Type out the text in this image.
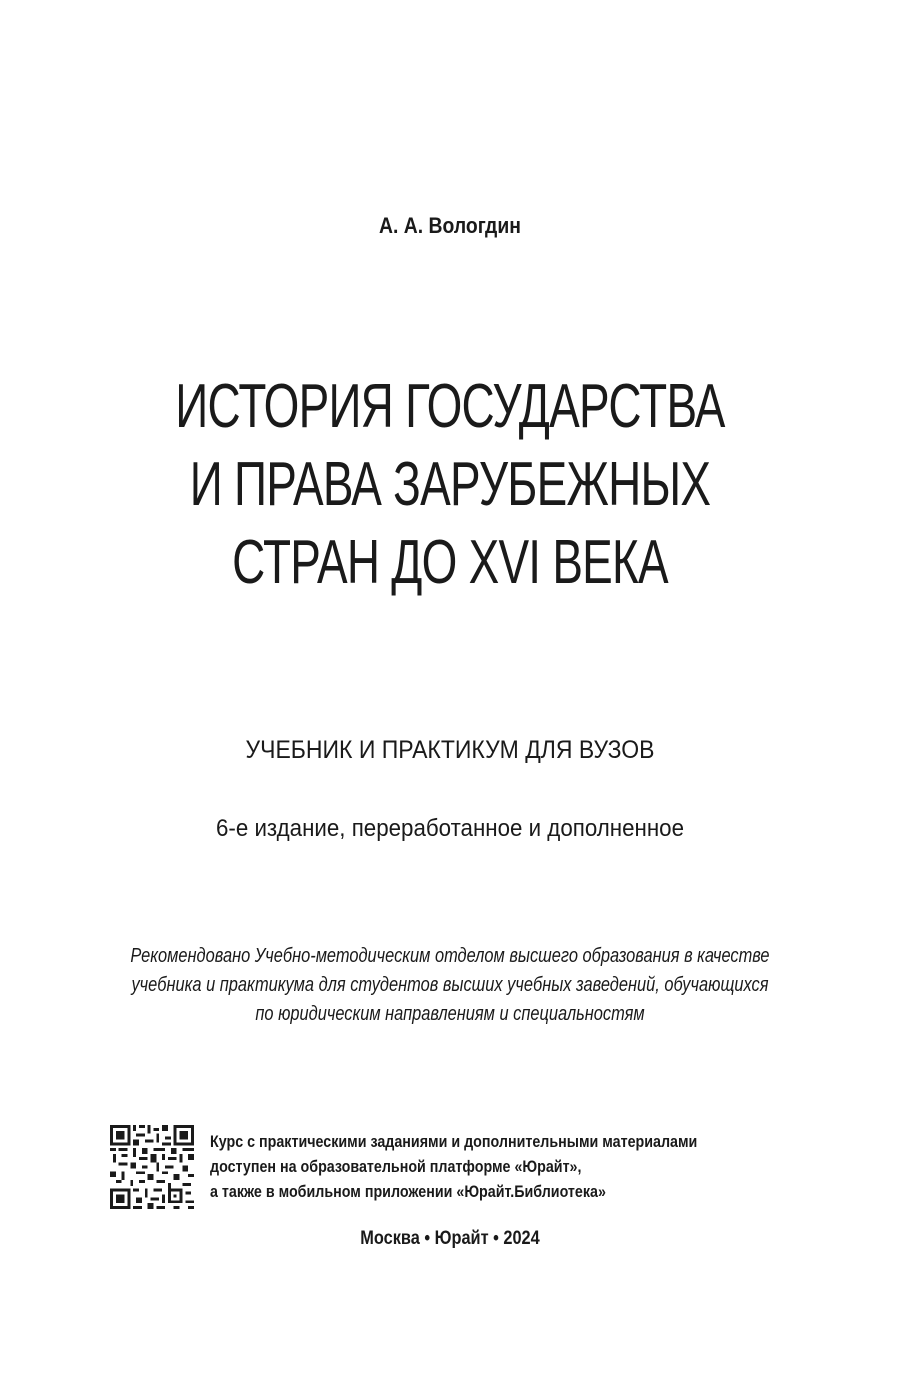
А. А. Вологдин
ИСТОРИЯ ГОСУДАРСТВА
И ПРАВА ЗАРУБЕЖНЫХ
СТРАН ДО XVI ВЕКА
УЧЕБНИК И ПРАКТИКУМ ДЛЯ ВУЗОВ
6-е издание, переработанное и дополненное
Рекомендовано Учебно-методическим отделом высшего образования в качестве
учебника и практикума для студентов высших учебных заведений, обучающихся
по юридическим направлениям и специальностям
Курс с практическими заданиями и дополнительными материалами
доступен на образовательной платформе «Юрайт»,
а также в мобильном приложении «Юрайт.Библиотека»
Москва • Юрайт • 2024
